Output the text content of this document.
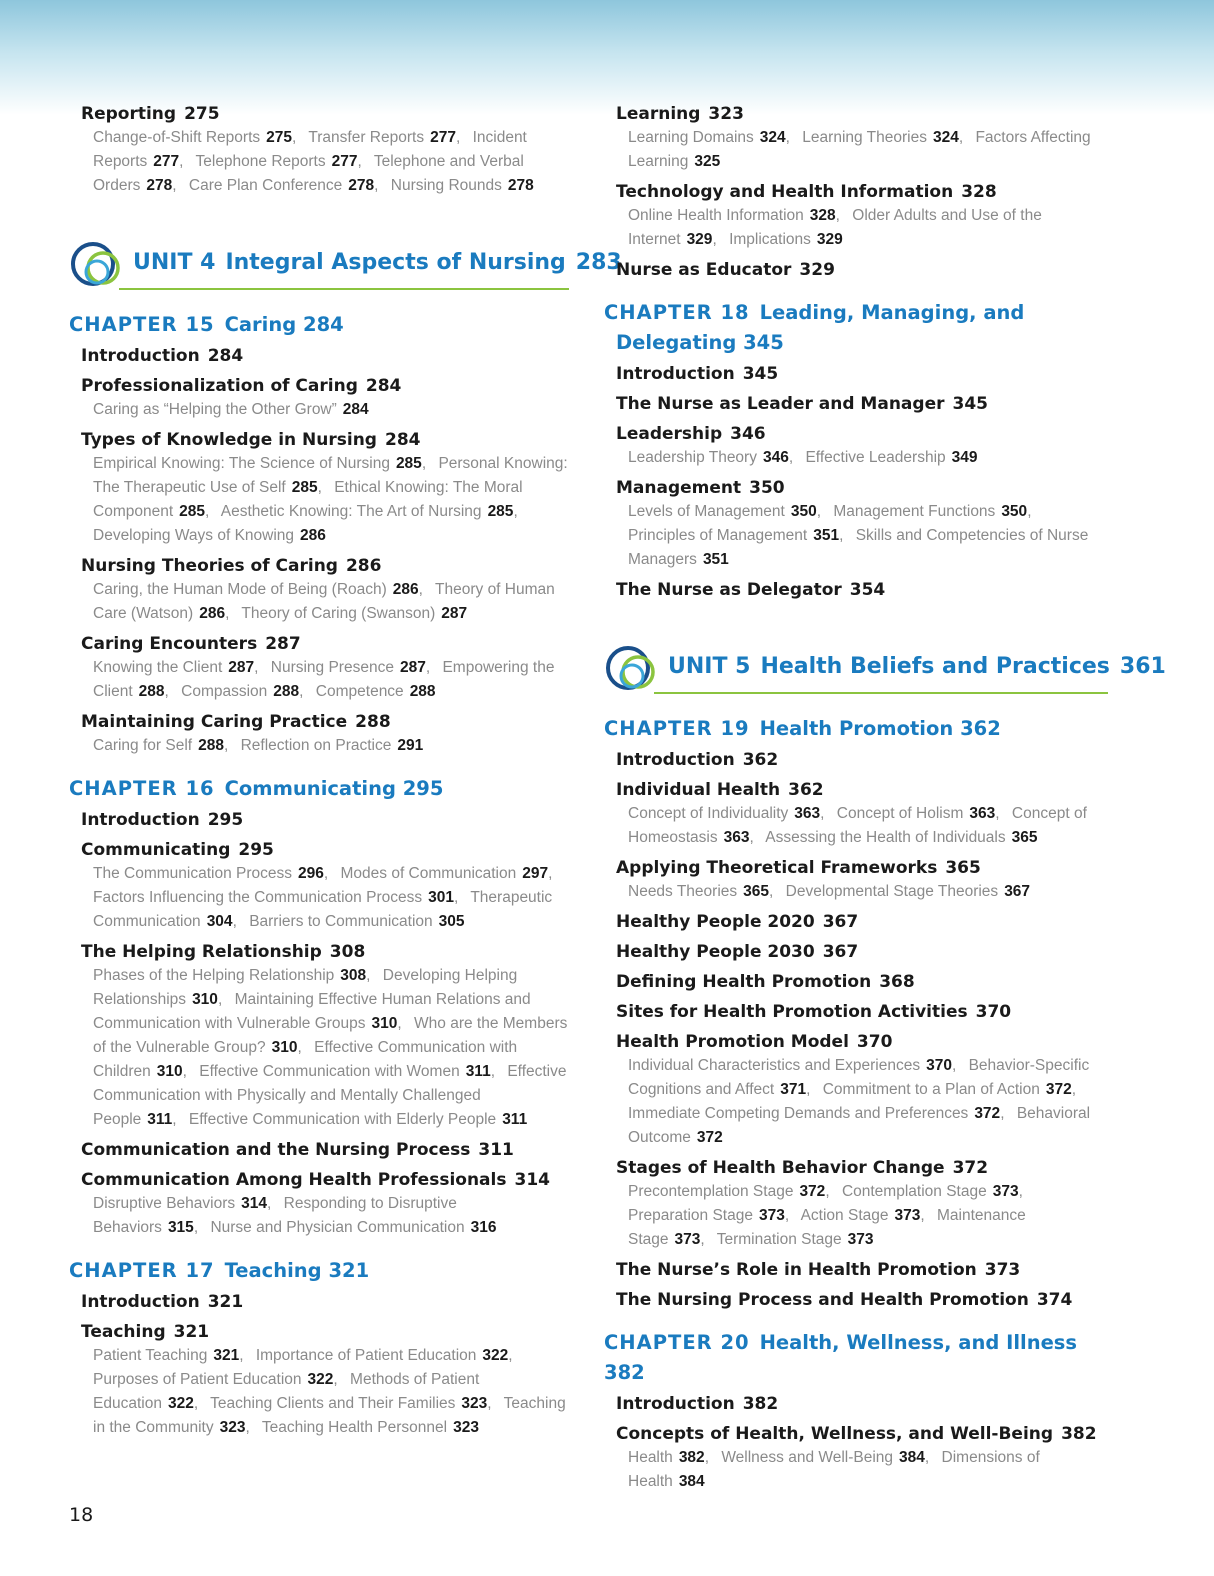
Reporting 275
Change-of-Shift Reports 275, Transfer Reports 277, Incident Reports 277, Telephone Reports 277, Telephone and Verbal Orders 278, Care Plan Conference 278, Nursing Rounds 278
UNIT 4 Integral Aspects of Nursing 283
CHAPTER 15 Caring 284
Introduction 284
Professionalization of Caring 284
Caring as “Helping the Other Grow” 284
Types of Knowledge in Nursing 284
Empirical Knowing: The Science of Nursing 285, Personal Knowing: The Therapeutic Use of Self 285, Ethical Knowing: The Moral Component 285, Aesthetic Knowing: The Art of Nursing 285, Developing Ways of Knowing 286
Nursing Theories of Caring 286
Caring, the Human Mode of Being (Roach) 286, Theory of Human Care (Watson) 286, Theory of Caring (Swanson) 287
Caring Encounters 287
Knowing the Client 287, Nursing Presence 287, Empowering the Client 288, Compassion 288, Competence 288
Maintaining Caring Practice 288
Caring for Self 288, Reflection on Practice 291
CHAPTER 16 Communicating 295
Introduction 295
Communicating 295
The Communication Process 296, Modes of Communication 297, Factors Influencing the Communication Process 301, Therapeutic Communication 304, Barriers to Communication 305
The Helping Relationship 308
Phases of the Helping Relationship 308, Developing Helping Relationships 310, Maintaining Effective Human Relations and Communication with Vulnerable Groups 310, Who are the Members of the Vulnerable Group? 310, Effective Communication with Children 310, Effective Communication with Women 311, Effective Communication with Physically and Mentally Challenged People 311, Effective Communication with Elderly People 311
Communication and the Nursing Process 311
Communication Among Health Professionals 314
Disruptive Behaviors 314, Responding to Disruptive Behaviors 315, Nurse and Physician Communication 316
CHAPTER 17 Teaching 321
Introduction 321
Teaching 321
Patient Teaching 321, Importance of Patient Education 322, Purposes of Patient Education 322, Methods of Patient Education 322, Teaching Clients and Their Families 323, Teaching in the Community 323, Teaching Health Personnel 323
Learning 323
Learning Domains 324, Learning Theories 324, Factors Affecting Learning 325
Technology and Health Information 328
Online Health Information 328, Older Adults and Use of the Internet 329, Implications 329
Nurse as Educator 329
CHAPTER 18 Leading, Managing, and
Delegating 345
Introduction 345
The Nurse as Leader and Manager 345
Leadership 346
Leadership Theory 346, Effective Leadership 349
Management 350
Levels of Management 350, Management Functions 350, Principles of Management 351, Skills and Competencies of Nurse Managers 351
The Nurse as Delegator 354
UNIT 5 Health Beliefs and Practices 361
CHAPTER 19 Health Promotion 362
Introduction 362
Individual Health 362
Concept of Individuality 363, Concept of Holism 363, Concept of Homeostasis 363, Assessing the Health of Individuals 365
Applying Theoretical Frameworks 365
Needs Theories 365, Developmental Stage Theories 367
Healthy People 2020 367
Healthy People 2030 367
Defining Health Promotion 368
Sites for Health Promotion Activities 370
Health Promotion Model 370
Individual Characteristics and Experiences 370, Behavior-Specific Cognitions and Affect 371, Commitment to a Plan of Action 372, Immediate Competing Demands and Preferences 372, Behavioral Outcome 372
Stages of Health Behavior Change 372
Precontemplation Stage 372, Contemplation Stage 373, Preparation Stage 373, Action Stage 373, Maintenance Stage 373, Termination Stage 373
The Nurse’s Role in Health Promotion 373
The Nursing Process and Health Promotion 374
CHAPTER 20 Health, Wellness, and Illness 382
Introduction 382
Concepts of Health, Wellness, and Well-Being 382
Health 382, Wellness and Well-Being 384, Dimensions of Health 384
18
